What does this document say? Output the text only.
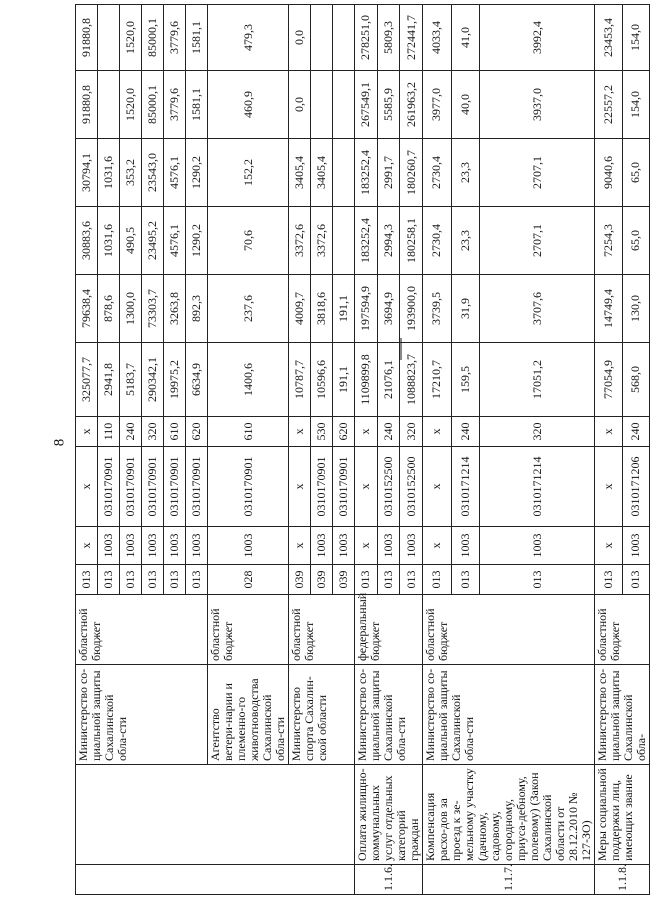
8
		Министерство со-циальной защиты Сахалинской обла-сти	областной бюджет	013	х	х	х	325077,7	79638,4	30883,6	30794,1	91880,8	91880,8
				013	1003	0310170901	110	2941,8	878,6	1031,6	1031,6		
				013	1003	0310170901	240	5183,7	1300,0	490,5	353,2	1520,0	1520,0
				013	1003	0310170901	320	290342,1	73303,7	23495,2	23543,0	85000,1	85000,1
				013	1003	0310170901	610	19975,2	3263,8	4576,1	4576,1	3779,6	3779,6
				013	1003	0310170901	620	6634,9	892,3	1290,2	1290,2	1581,1	1581,1
		Агентство ветери-нарии и племенно-го животноводства Сахалинской обла-сти	областной бюджет	028	1003	0310170901	610	1400,6	237,6	70,6	152,2	460,9	479,3
		Министерство спорта Сахалин-ской области	областной бюджет	039	х	х	х	10787,7	4009,7	3372,6	3405,4	0,0	0,0
				039	1003	0310170901	530	10596,6	3818,6	3372,6	3405,4		
				039	1003	0310170901	620	191,1	191,1				
1.1.6.	Оплата жилищно-коммунальных услуг отдельных категорий граждан	Министерство со-циальной защиты Сахалинской обла-сти	федеральный бюджет	013	х	х	х	1109899,8	197594,9	183252,4	183252,4	267549,1	278251,0
				013	1003	0310152500	240	21076,1	3694,9	2994,3	2991,7	5585,9	5809,3
				013	1003	0310152500	320	1088823,7	193900,0	180258,1	180260,7	261963,2	272441,7
1.1.7.	Компенсация расхо-дов за проезд к зе-мельному участку (дачному, садовому, огородному, приуса-дебному, полевому) (Закон Сахалинской области от 28.12.2010 № 127-ЗО)	Министерство со-циальной защиты Сахалинской обла-сти	областной бюджет	013	х	х	х	17210,7	3739,5	2730,4	2730,4	3977,0	4033,4
				013	1003	0310171214	240	159,5	31,9	23,3	23,3	40,0	41,0
				013	1003	0310171214	320	17051,2	3707,6	2707,1	2707,1	3937,0	3992,4
1.1.8.	Меры социальной поддержки лиц, имеющих звание	Министерство со-циальной защиты Сахалинской обла-	областной бюджет	013	х	х	х	77054,9	14749,4	7254,3	9040,6	22557,2	23453,4
				013	1003	0310171206	240	568,0	130,0	65,0	65,0	154,0	154,0
